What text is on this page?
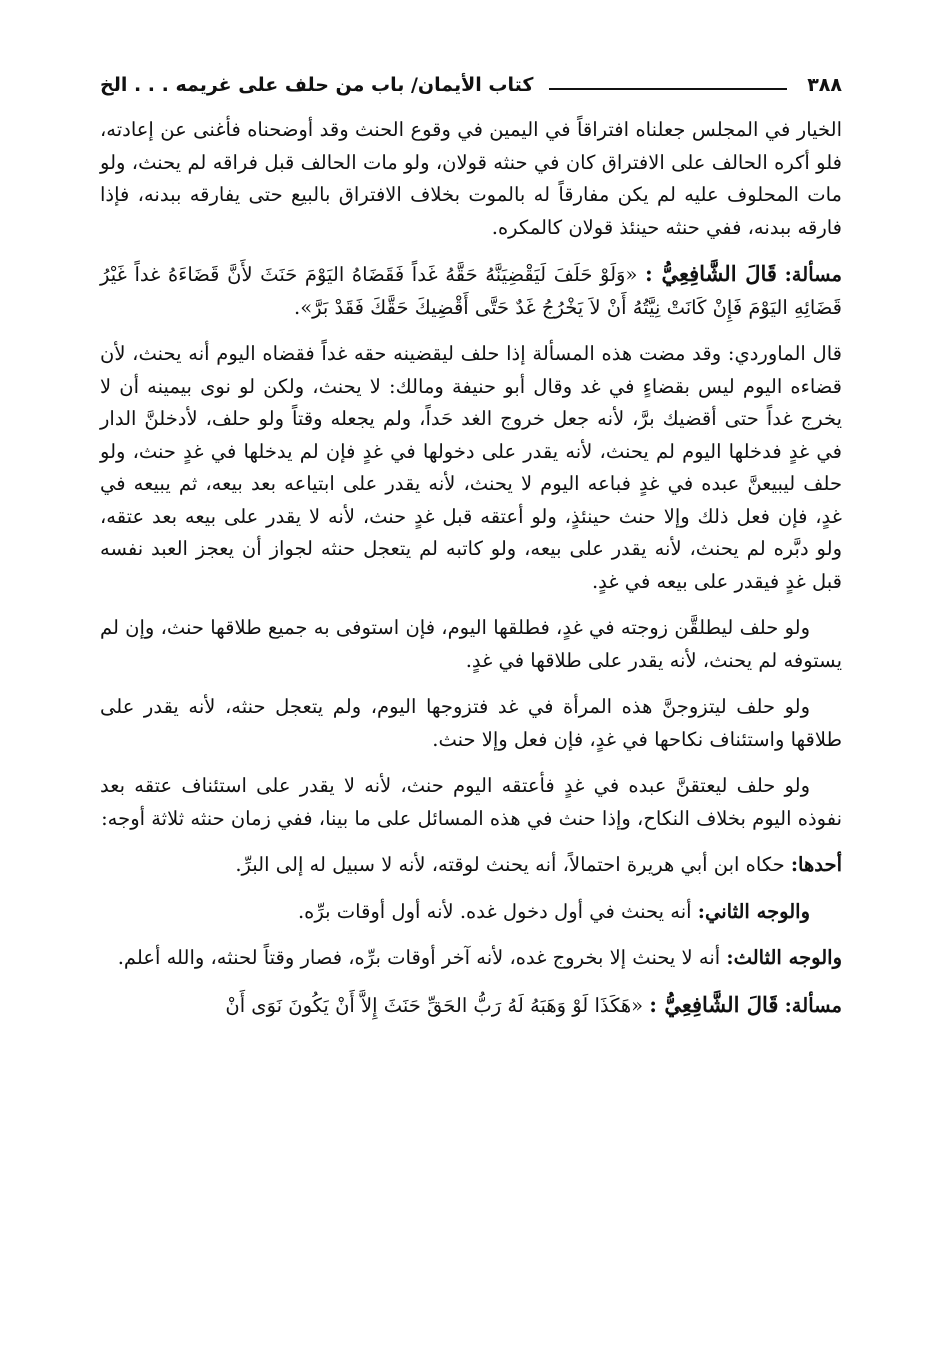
٣٨٨
كتاب الأيمان/ باب من حلف على غريمه . . . الخ

الخيار في المجلس جعلناه افتراقاً في اليمين في وقوع الحنث وقد أوضحناه فأغنى عن إعادته، فلو أكره الحالف على الافتراق كان في حنثه قولان، ولو مات الحالف قبل فراقه لم يحنث، ولو مات المحلوف عليه لم يكن مفارقاً له بالموت بخلاف الافتراق بالبيع حتى يفارقه ببدنه، فإذا فارقه ببدنه، ففي حنثه حينئذ قولان كالمكره.

مسألة: قَالَ الشَّافِعِيُّ : «وَلَوْ حَلَفَ لَيَقْضِيَنَّهُ حَقَّهُ غَداً فَقَضَاهُ اليَوْمَ حَنَثَ لأَنَّ قَضَاءَهُ غداً غَيْرُ قَضَائِهِ اليَوْمَ فَإِنْ كَانَتْ نِيَّتُهُ أَنْ لاَ يَخْرُجُ غَدٌ حَتَّى أَقْضِيكَ حَقَّكَ فَقَدْ بَرَّ».

قال الماوردي: وقد مضت هذه المسألة إذا حلف ليقضينه حقه غداً فقضاه اليوم أنه يحنث، لأن قضاءه اليوم ليس بقضاءٍ في غد وقال أبو حنيفة ومالك: لا يحنث، ولكن لو نوى بيمينه أن لا يخرج غداً حتى أقضيك برَّ، لأنه جعل خروج الغد حَداً، ولم يجعله وقتاً ولو حلف، لأدخلنَّ الدار في غدٍ فدخلها اليوم لم يحنث، لأنه يقدر على دخولها في غدٍ فإن لم يدخلها في غدٍ حنث، ولو حلف ليبيعنَّ عبده في غدٍ فباعه اليوم لا يحنث، لأنه يقدر على ابتياعه بعد بيعه، ثم يبيعه في غدٍ، فإن فعل ذلك وإلا حنث حينئذٍ، ولو أعتقه قبل غدٍ حنث، لأنه لا يقدر على بيعه بعد عتقه، ولو دبَّره لم يحنث، لأنه يقدر على بيعه، ولو كاتبه لم يتعجل حنثه لجواز أن يعجز العبد نفسه قبل غدٍ فيقدر على بيعه في غدٍ.

ولو حلف ليطلقَّن زوجته في غدٍ، فطلقها اليوم، فإن استوفى به جميع طلاقها حنث، وإن لم يستوفه لم يحنث، لأنه يقدر على طلاقها في غدٍ.

ولو حلف ليتزوجنَّ هذه المرأة في غد فتزوجها اليوم، ولم يتعجل حنثه، لأنه يقدر على طلاقها واستئناف نكاحها في غدٍ، فإن فعل وإلا حنث.

ولو حلف ليعتقنَّ عبده في غدٍ فأعتقه اليوم حنث، لأنه لا يقدر على استئناف عتقه بعد نفوذه اليوم بخلاف النكاح، وإذا حنث في هذه المسائل على ما بينا، ففي زمان حنثه ثلاثة أوجه:

أحدها: حكاه ابن أبي هريرة احتمالاً، أنه يحنث لوقته، لأنه لا سبيل له إلى البرِّ.

والوجه الثاني: أنه يحنث في أول دخول غده. لأنه أول أوقات برِّه.

والوجه الثالث: أنه لا يحنث إلا بخروج غده، لأنه آخر أوقات برِّه، فصار وقتاً لحنثه، والله أعلم.

مسألة: قَالَ الشَّافِعِيُّ : «هَكَذَا لَوْ وَهَبَهُ لَهُ رَبُّ الحَقِّ حَنَثَ إِلاَّ أَنْ يَكُونَ نَوَى أَنْ
